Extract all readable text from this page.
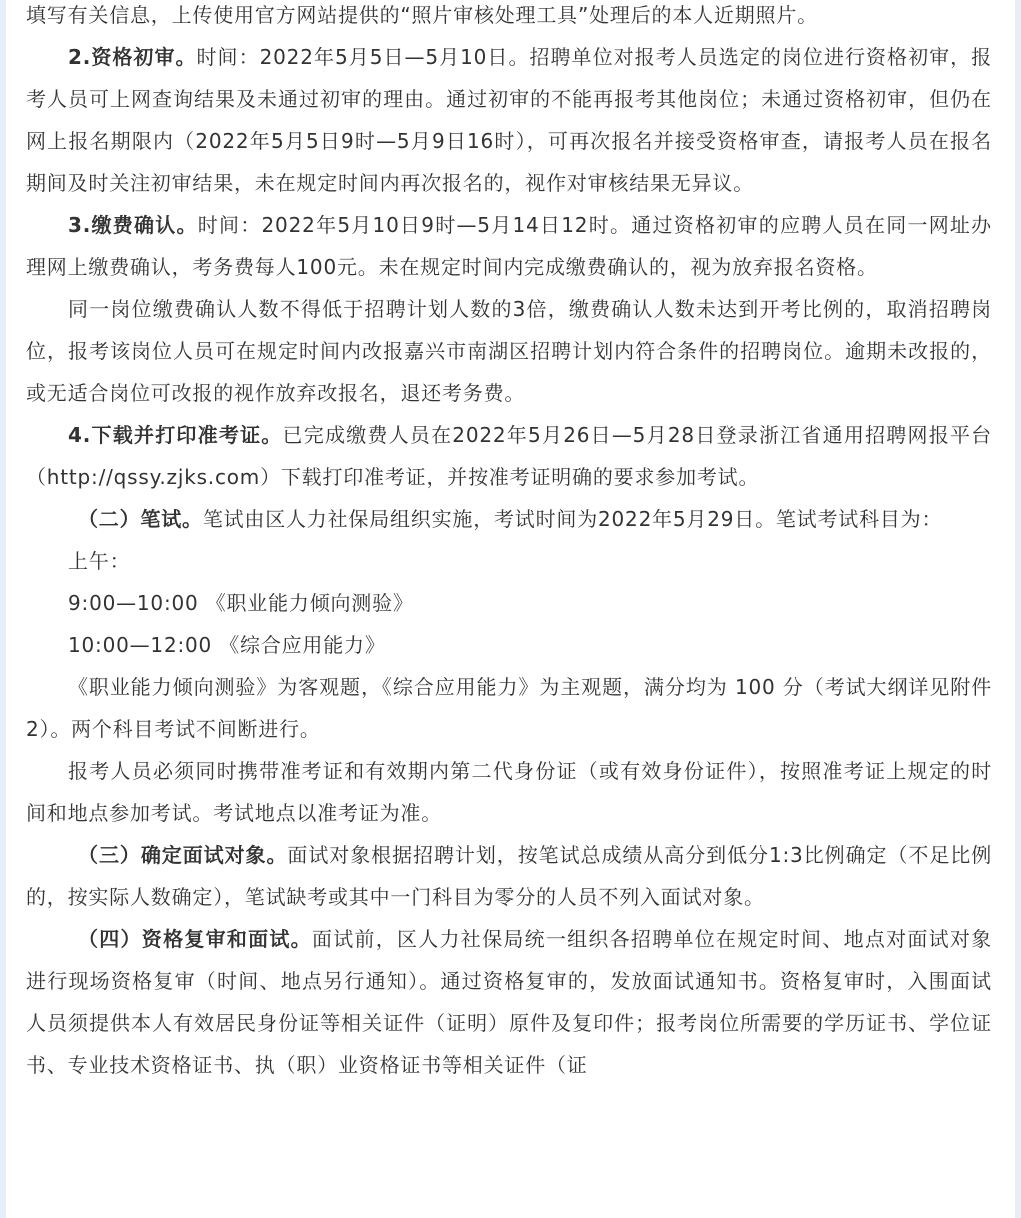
填写有关信息，上传使用官方网站提供的“照片审核处理工具”处理后的本人近期照片。

2.资格初审。时间：2022年5月5日—5月10日。招聘单位对报考人员选定的岗位进行资格初审，报考人员可上网查询结果及未通过初审的理由。通过初审的不能再报考其他岗位；未通过资格初审，但仍在网上报名期限内（2022年5月5日9时—5月9日16时），可再次报名并接受资格审查，请报考人员在报名期间及时关注初审结果，未在规定时间内再次报名的，视作对审核结果无异议。

3.缴费确认。时间：2022年5月10日9时—5月14日12时。通过资格初审的应聘人员在同一网址办理网上缴费确认，考务费每人100元。未在规定时间内完成缴费确认的，视为放弃报名资格。

同一岗位缴费确认人数不得低于招聘计划人数的3倍，缴费确认人数未达到开考比例的，取消招聘岗位，报考该岗位人员可在规定时间内改报嘉兴市南湖区招聘计划内符合条件的招聘岗位。逾期未改报的，或无适合岗位可改报的视作放弃改报名，退还考务费。

4.下载并打印准考证。已完成缴费人员在2022年5月26日—5月28日登录浙江省通用招聘网报平台（http://qssy.zjks.com）下载打印准考证，并按准考证明确的要求参加考试。

（二）笔试。笔试由区人力社保局组织实施，考试时间为2022年5月29日。笔试考试科目为：

上午：

9:00—10:00 《职业能力倾向测验》

10:00—12:00 《综合应用能力》

《职业能力倾向测验》为客观题，《综合应用能力》为主观题，满分均为 100 分（考试大纲详见附件2）。两个科目考试不间断进行。

报考人员必须同时携带准考证和有效期内第二代身份证（或有效身份证件），按照准考证上规定的时间和地点参加考试。考试地点以准考证为准。

（三）确定面试对象。面试对象根据招聘计划，按笔试总成绩从高分到低分1:3比例确定（不足比例的，按实际人数确定），笔试缺考或其中一门科目为零分的人员不列入面试对象。

（四）资格复审和面试。面试前，区人力社保局统一组织各招聘单位在规定时间、地点对面试对象进行现场资格复审（时间、地点另行通知）。通过资格复审的，发放面试通知书。资格复审时，入围面试人员须提供本人有效居民身份证等相关证件（证明）原件及复印件；报考岗位所需要的学历证书、学位证书、专业技术资格证书、执（职）业资格证书等相关证件（证
